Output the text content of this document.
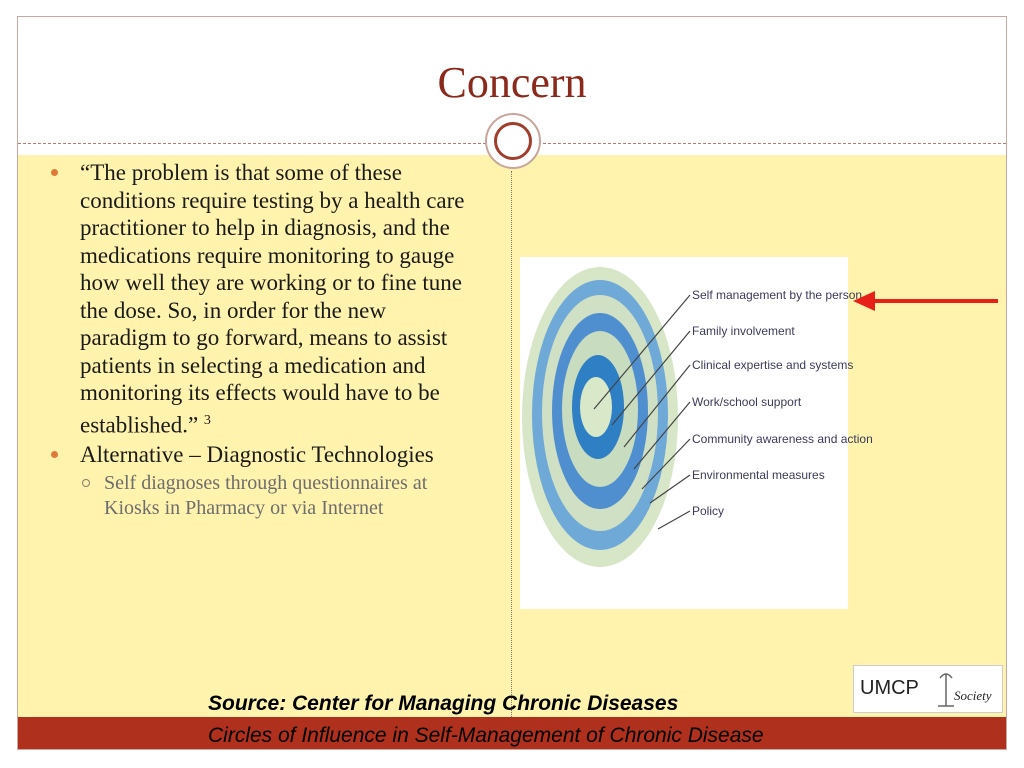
Concern
“The problem is that some of these conditions require testing by a health care practitioner to help in diagnosis, and the medications require monitoring to gauge how well they are working or to fine tune the dose. So, in order for the new paradigm to go forward, means to assist patients in selecting a medication and monitoring its effects would have to be established.” $^3$
Alternative – Diagnostic Technologies
Self diagnoses through questionnaires at Kiosks in Pharmacy or via Internet
Self management by the person
Family involvement
Clinical expertise and systems
Work/school support
Community awareness and action
Environmental measures
Policy
UMCP	Society
Source: Center for Managing Chronic Diseases
Circles of Influence in Self-Management of Chronic Disease
